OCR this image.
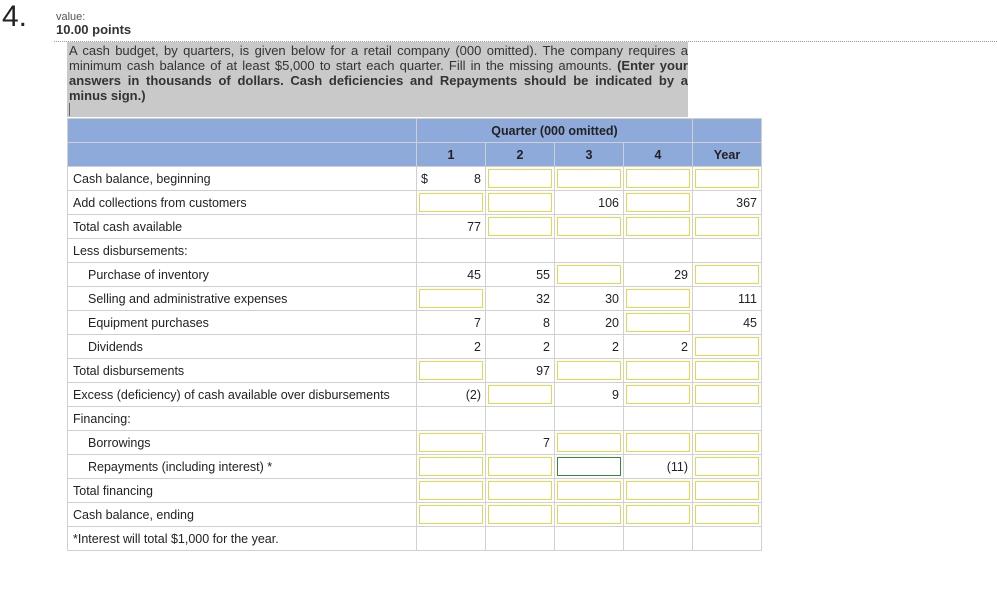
4.	value:
10.00 points
A cash budget, by quarters, is given below for a retail company (000 omitted). The company requires a minimum cash balance of at least $5,000 to start each quarter. Fill in the missing amounts. (Enter your answers in thousands of dollars. Cash deficiencies and Repayments should be indicated by a minus sign.)
	Quarter (000 omitted)				
	1	2	3	4	Year
Cash balance, beginning	$ 8				

Add collections from customers			106		367
Total cash available	77	

Less disbursements:					
Purchase of inventory	45	55		29	

Selling and administrative expenses		32	30		111
Equipment purchases	7	8	20		45
Dividends	2	2	2	2	

Total disbursements		97	

Excess (deficiency) of cash available over disbursements	(2)		9	

Financing:					
Borrowings		7	

Repayments (including interest) *				(11)	

Total financing	

Cash balance, ending	

*Interest will total $1,000 for the year.					
